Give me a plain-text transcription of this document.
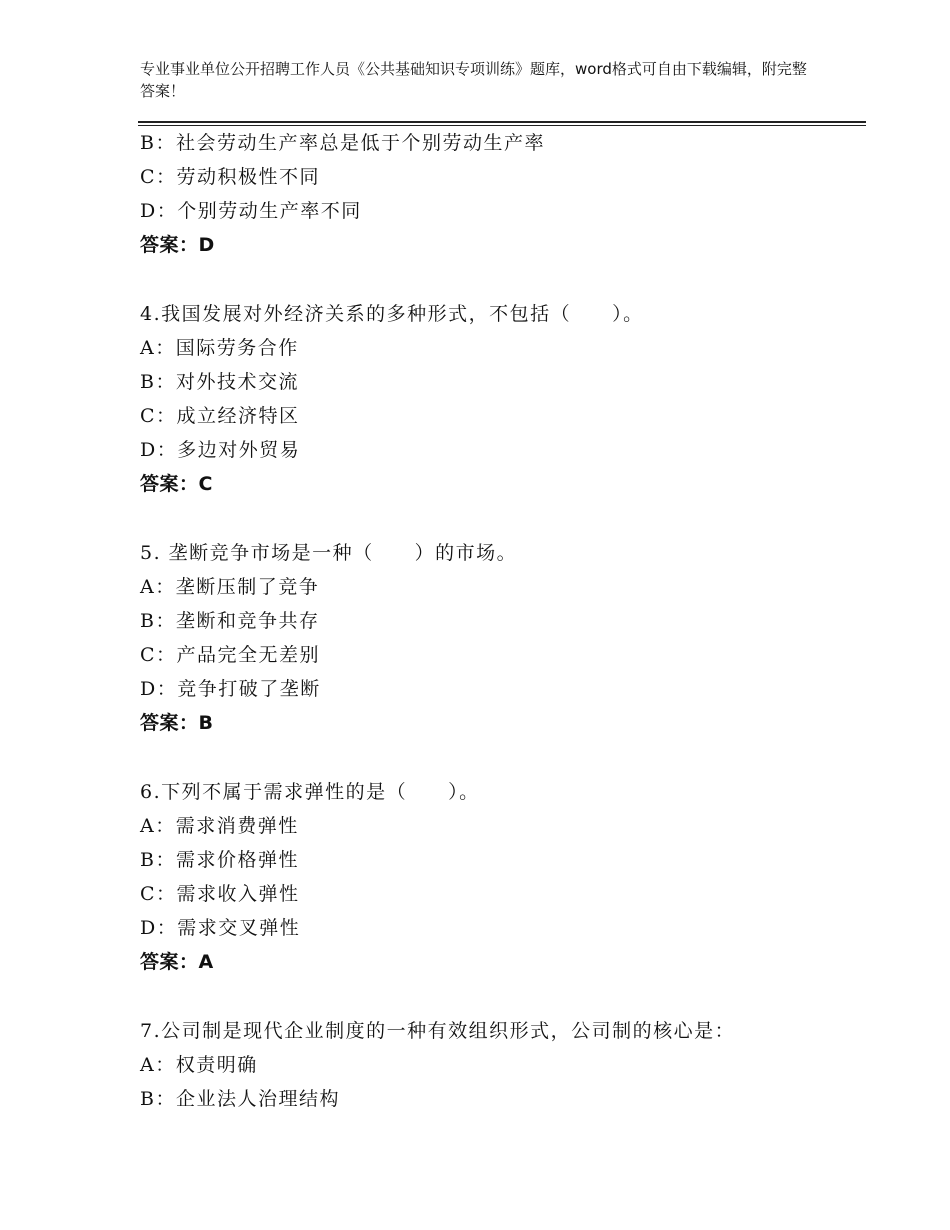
专业事业单位公开招聘工作人员《公共基础知识专项训练》题库，word格式可自由下载编辑，附完整答案！
B：社会劳动生产率总是低于个别劳动生产率
C：劳动积极性不同
D：个别劳动生产率不同
答案：D
4.我国发展对外经济关系的多种形式，不包括（　　）。
A：国际劳务合作
B：对外技术交流
C：成立经济特区
D：多边对外贸易
答案：C
5. 垄断竞争市场是一种（　　）的市场。
A：垄断压制了竞争
B：垄断和竞争共存
C：产品完全无差别
D：竞争打破了垄断
答案：B
6.下列不属于需求弹性的是（　　）。
A：需求消费弹性
B：需求价格弹性
C：需求收入弹性
D：需求交叉弹性
答案：A
7.公司制是现代企业制度的一种有效组织形式，公司制的核心是：
A：权责明确
B：企业法人治理结构
